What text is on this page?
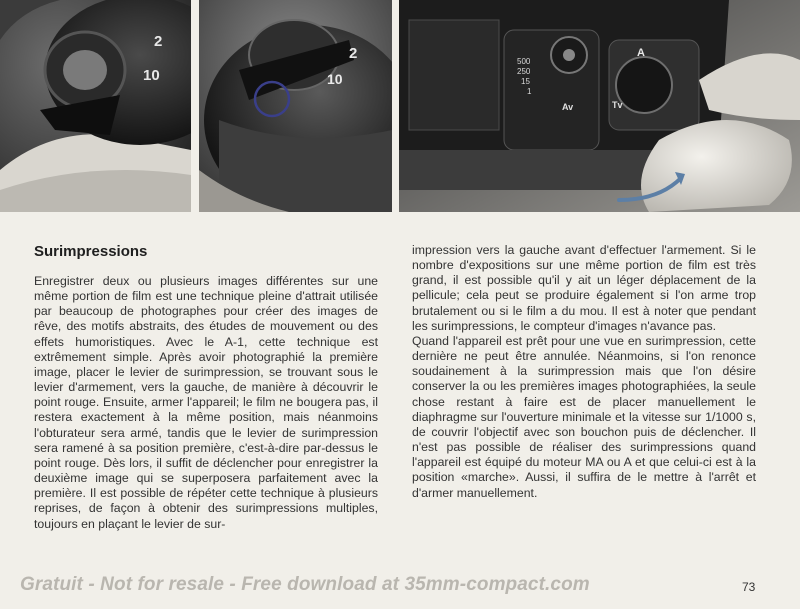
2
10
2
10
Av	Tv
A
250
500
15
1
Surimpressions

Enregistrer deux ou plusieurs images différentes sur une même portion de film est une technique pleine d'attrait utilisée par beaucoup de photographes pour créer des images de rêve, des motifs abstraits, des études de mouvement ou des effets humoristiques. Avec le A-1, cette technique est extrêmement simple. Après avoir photographié la première image, placer le levier de surimpression, se trouvant sous le levier d'armement, vers la gauche, de manière à découvrir le point rouge. Ensuite, armer l'appareil; le film ne bougera pas, il restera exactement à la même position, mais néanmoins l'obturateur sera armé, tandis que le levier de surimpression sera ramené à sa position première, c'est-à-dire par-dessus le point rouge. Dès lors, il suffit de déclencher pour enregistrer la deuxième image qui se superposera parfaitement avec la première. Il est possible de répéter cette technique à plusieurs reprises, de façon à obtenir des surimpressions multiples, toujours en plaçant le levier de sur-

impression vers la gauche avant d'effectuer l'armement. Si le nombre d'expositions sur une même portion de film est très grand, il est possible qu'il y ait un léger déplacement de la pellicule; cela peut se produire également si l'on arme trop brutalement ou si le film a du mou. Il est à noter que pendant les surimpressions, le compteur d'images n'avance pas.

Quand l'appareil est prêt pour une vue en surimpression, cette dernière ne peut être annulée. Néanmoins, si l'on renonce soudainement à la surimpression mais que l'on désire conserver la ou les premières images photographiées, la seule chose restant à faire est de placer manuellement le diaphragme sur l'ouverture minimale et la vitesse sur 1/1000 s, de couvrir l'objectif avec son bouchon puis de déclencher. Il n'est pas possible de réaliser des surimpressions quand l'appareil est équipé du moteur MA ou A et que celui-ci est à la position «marche». Aussi, il suffira de le mettre à l'arrêt et d'armer manuellement.

Gratuit - Not for resale - Free download at 35mm-compact.com	73
